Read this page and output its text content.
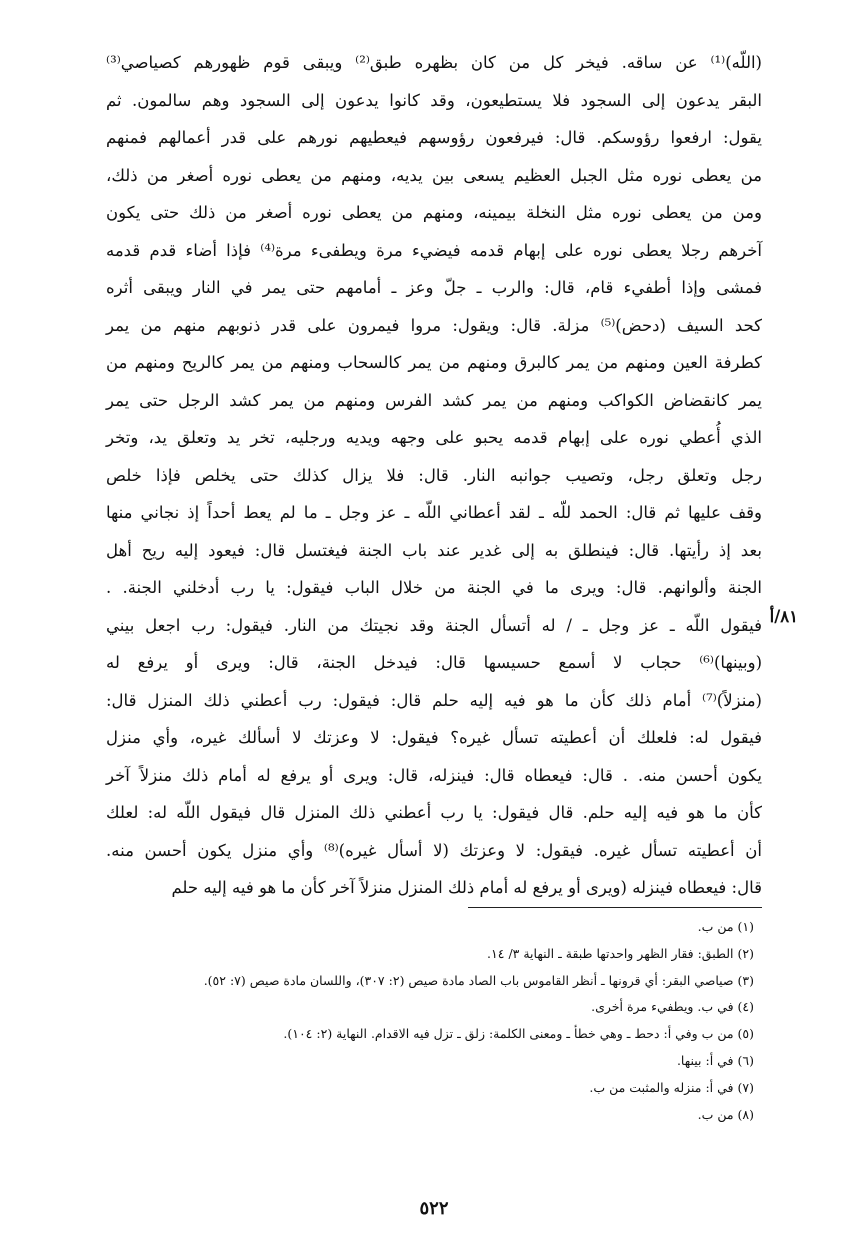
(اللّه)⁽¹⁾ عن ساقه. فيخر كل من كان بظهره طبق⁽²⁾ ويبقى قوم ظهورهم كصياصي⁽³⁾
البقر يدعون إلى السجود فلا يستطيعون، وقد كانوا يدعون إلى السجود وهم سالمون. ثم
يقول: ارفعوا رؤوسكم. قال: فيرفعون رؤوسهم فيعطيهم نورهم على قدر أعمالهم فمنهم
من يعطى نوره مثل الجبل العظيم يسعى بين يديه، ومنهم من يعطى نوره أصغر من ذلك،
ومن من يعطى نوره مثل النخلة بيمينه، ومنهم من يعطى نوره أصغر من ذلك حتى يكون
آخرهم رجلا يعطى نوره على إبهام قدمه فيضيء مرة ويطفىء مرة⁽⁴⁾ فإذا أضاء قدم قدمه
فمشى وإذا أطفيء قام، قال: والرب ـ جلّ وعز ـ أمامهم حتى يمر في النار ويبقى أثره
كحد السيف (دحض)⁽⁵⁾ مزلة. قال: ويقول: مروا فيمرون على قدر ذنوبهم منهم من يمر
كطرفة العين ومنهم من يمر كالبرق ومنهم من يمر كالسحاب ومنهم من يمر كالريح ومنهم من
يمر كانقضاض الكواكب ومنهم من يمر كشد الفرس ومنهم من يمر كشد الرجل حتى يمر
الذي أُعطي نوره على إبهام قدمه يحبو على وجهه ويديه ورجليه، تخر يد وتعلق يد، وتخر
رجل وتعلق رجل، وتصيب جوانبه النار. قال: فلا يزال كذلك حتى يخلص فإذا خلص
وقف عليها ثم قال: الحمد للّه ـ لقد أعطاني اللّه ـ عز وجل ـ ما لم يعط أحداً إذ نجاني منها
بعد إذ رأيتها. قال: فينطلق به إلى غدير عند باب الجنة فيغتسل قال: فيعود إليه ريح أهل
الجنة وألوانهم. قال: ويرى ما في الجنة من خلال الباب فيقول: يا رب أدخلني الجنة. .
٨١/أ
فيقول اللّه ـ عز وجل ـ / له أتسأل الجنة وقد نجيتك من النار. فيقول: رب اجعل بيني
(وبينها)⁽⁶⁾ حجاب لا أسمع حسيسها قال: فيدخل الجنة، قال: ويرى أو يرفع له
(منزلاً)⁽⁷⁾ أمام ذلك كأن ما هو فيه إليه حلم قال: فيقول: رب أعطني ذلك المنزل قال:
فيقول له: فلعلك أن أعطيته تسأل غيره؟ فيقول: لا وعزتك لا أسألك غيره، وأي منزل
يكون أحسن منه. . قال: فيعطاه قال: فينزله، قال: ويرى أو يرفع له أمام ذلك منزلاً آخر
كأن ما هو فيه إليه حلم. قال فيقول: يا رب أعطني ذلك المنزل قال فيقول اللّه له: لعلك
أن أعطيته تسأل غيره. فيقول: لا وعزتك (لا أسأل غيره)⁽⁸⁾ وأي منزل يكون أحسن منه.
قال: فيعطاه فينزله (ويرى أو يرفع له أمام ذلك المنزل منزلاً آخر كأن ما هو فيه إليه حلم
(١) من ب.
(٢) الطبق: فقار الظهر واحدتها طبقة ـ النهاية ٣/ ١٤.
(٣) صياصي البقر: أي قرونها ـ أنظر القاموس باب الصاد مادة صيص (٢: ٣٠٧)، واللسان مادة صيص (٧: ٥٢).
(٤) في ب. ويطفيء مرة أخرى.
(٥) من ب وفي أ: دحط ـ وهي خطأ ـ ومعنى الكلمة: زلق ـ تزل فيه الاقدام. النهاية (٢: ١٠٤).
(٦) في أ: بينها.
(٧) في أ: منزله والمثبت من ب.
(٨) من ب.
٥٢٢
